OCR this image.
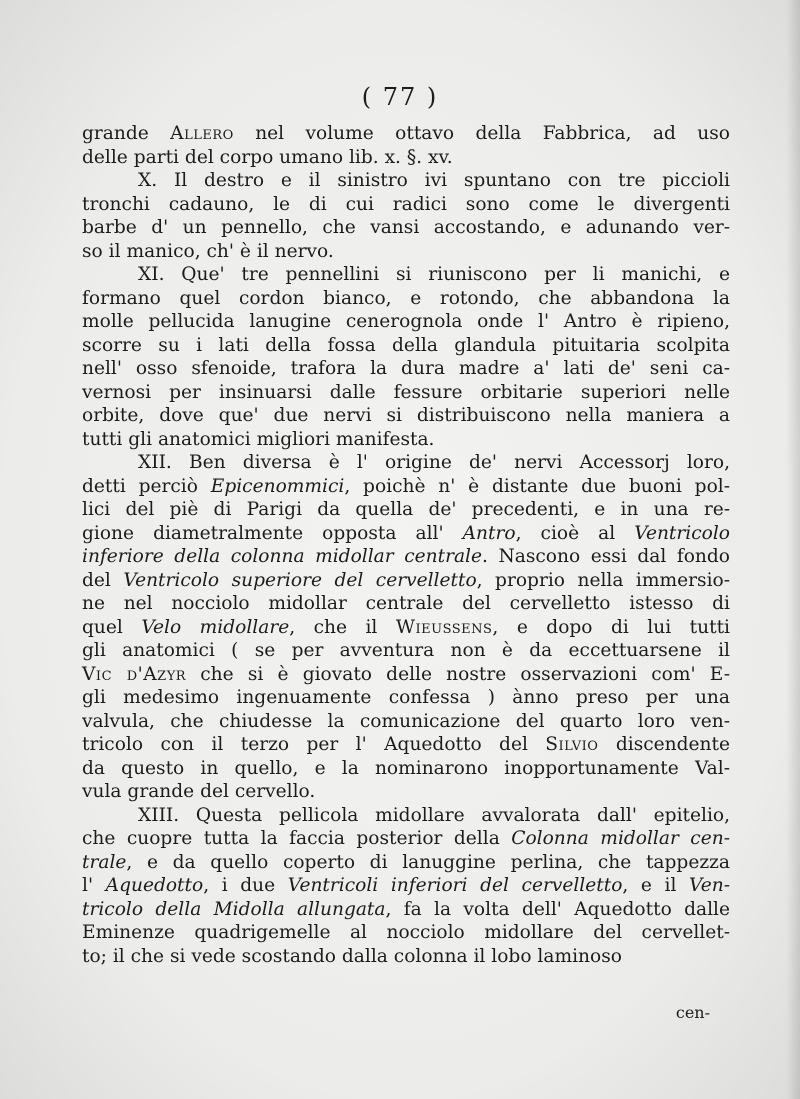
( 77 )
grande Allero nel volume ottavo della Fabbrica, ad uso
delle parti del corpo umano lib. x. §. xv.
X. Il destro e il sinistro ivi spuntano con tre piccioli
tronchi cadauno, le di cui radici sono come le divergenti
barbe d' un pennello, che vansi accostando, e adunando ver-
so il manico, ch' è il nervo.
XI. Que' tre pennellini si riuniscono per li manichi, e
formano quel cordon bianco, e rotondo, che abbandona la
molle pellucida lanugine cenerognola onde l' Antro è ripieno,
scorre su i lati della fossa della glandula pituitaria scolpita
nell' osso sfenoide, trafora la dura madre a' lati de' seni ca-
vernosi per insinuarsi dalle fessure orbitarie superiori nelle
orbite, dove que' due nervi si distribuiscono nella maniera a
tutti gli anatomici migliori manifesta.
XII. Ben diversa è l' origine de' nervi Accessorj loro,
detti perciò Epicenommici, poichè n' è distante due buoni pol-
lici del piè di Parigi da quella de' precedenti, e in una re-
gione diametralmente opposta all' Antro, cioè al Ventricolo
inferiore della colonna midollar centrale. Nascono essi dal fondo
del Ventricolo superiore del cervelletto, proprio nella immersio-
ne nel nocciolo midollar centrale del cervelletto istesso di
quel Velo midollare, che il Wieussens, e dopo di lui tutti
gli anatomici ( se per avventura non è da eccettuarsene il
Vic d'Azyr che si è giovato delle nostre osservazioni com' E-
gli medesimo ingenuamente confessa ) ànno preso per una
valvula, che chiudesse la comunicazione del quarto loro ven-
tricolo con il terzo per l' Aquedotto del Silvio discendente
da questo in quello, e la nominarono inopportunamente Val-
vula grande del cervello.
XIII. Questa pellicola midollare avvalorata dall' epitelio,
che cuopre tutta la faccia posterior della Colonna midollar cen-
trale, e da quello coperto di lanuggine perlina, che tappezza
l' Aquedotto, i due Ventricoli inferiori del cervelletto, e il Ven-
tricolo della Midolla allungata, fa la volta dell' Aquedotto dalle
Eminenze quadrigemelle al nocciolo midollare del cervellet-
to; il che si vede scostando dalla colonna il lobo laminoso
cen-
